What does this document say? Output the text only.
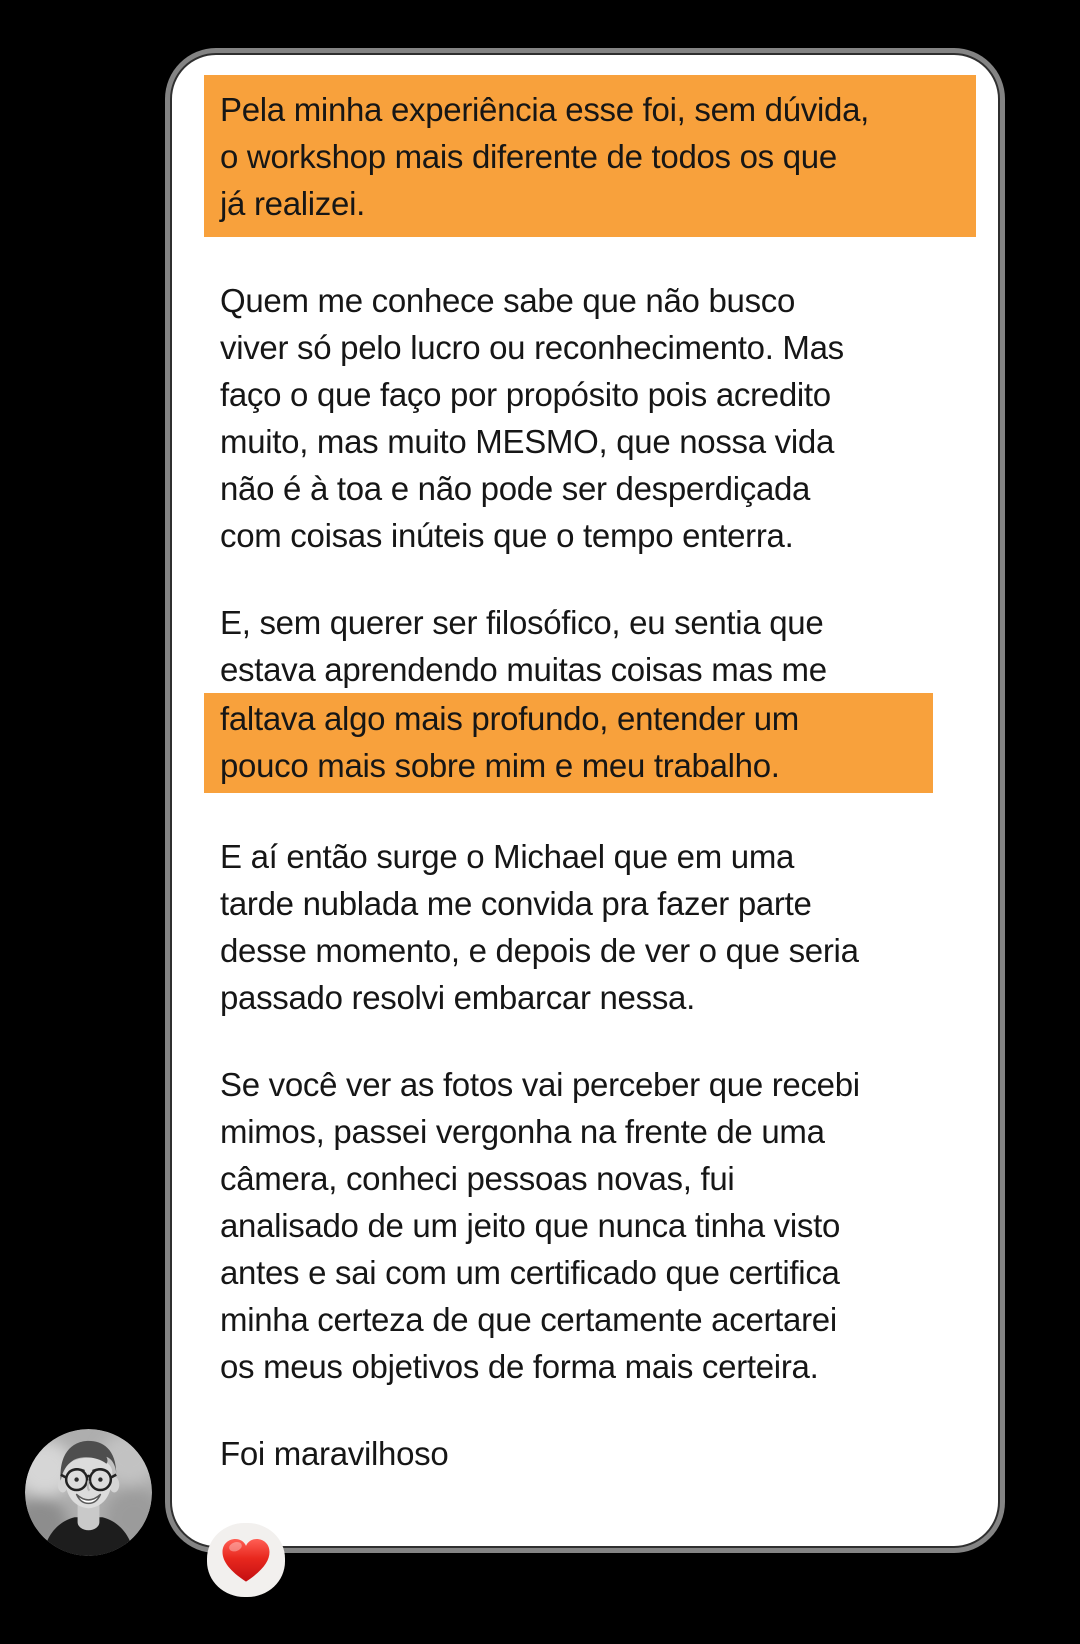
Pela minha experiência esse foi, sem dúvida,
o workshop mais diferente de todos os que
já realizei.
Quem me conhece sabe que não busco
viver só pelo lucro ou reconhecimento. Mas
faço o que faço por propósito pois acredito
muito, mas muito MESMO, que nossa vida
não é à toa e não pode ser desperdiçada
com coisas inúteis que o tempo enterra.
E, sem querer ser filosófico, eu sentia que
estava aprendendo muitas coisas mas me
faltava algo mais profundo, entender um
pouco mais sobre mim e meu trabalho.
E aí então surge o Michael que em uma
tarde nublada me convida pra fazer parte
desse momento, e depois de ver o que seria
passado resolvi embarcar nessa.
Se você ver as fotos vai perceber que recebi
mimos, passei vergonha na frente de uma
câmera, conheci pessoas novas, fui
analisado de um jeito que nunca tinha visto
antes e sai com um certificado que certifica
minha certeza de que certamente acertarei
os meus objetivos de forma mais certeira.
Foi maravilhoso
